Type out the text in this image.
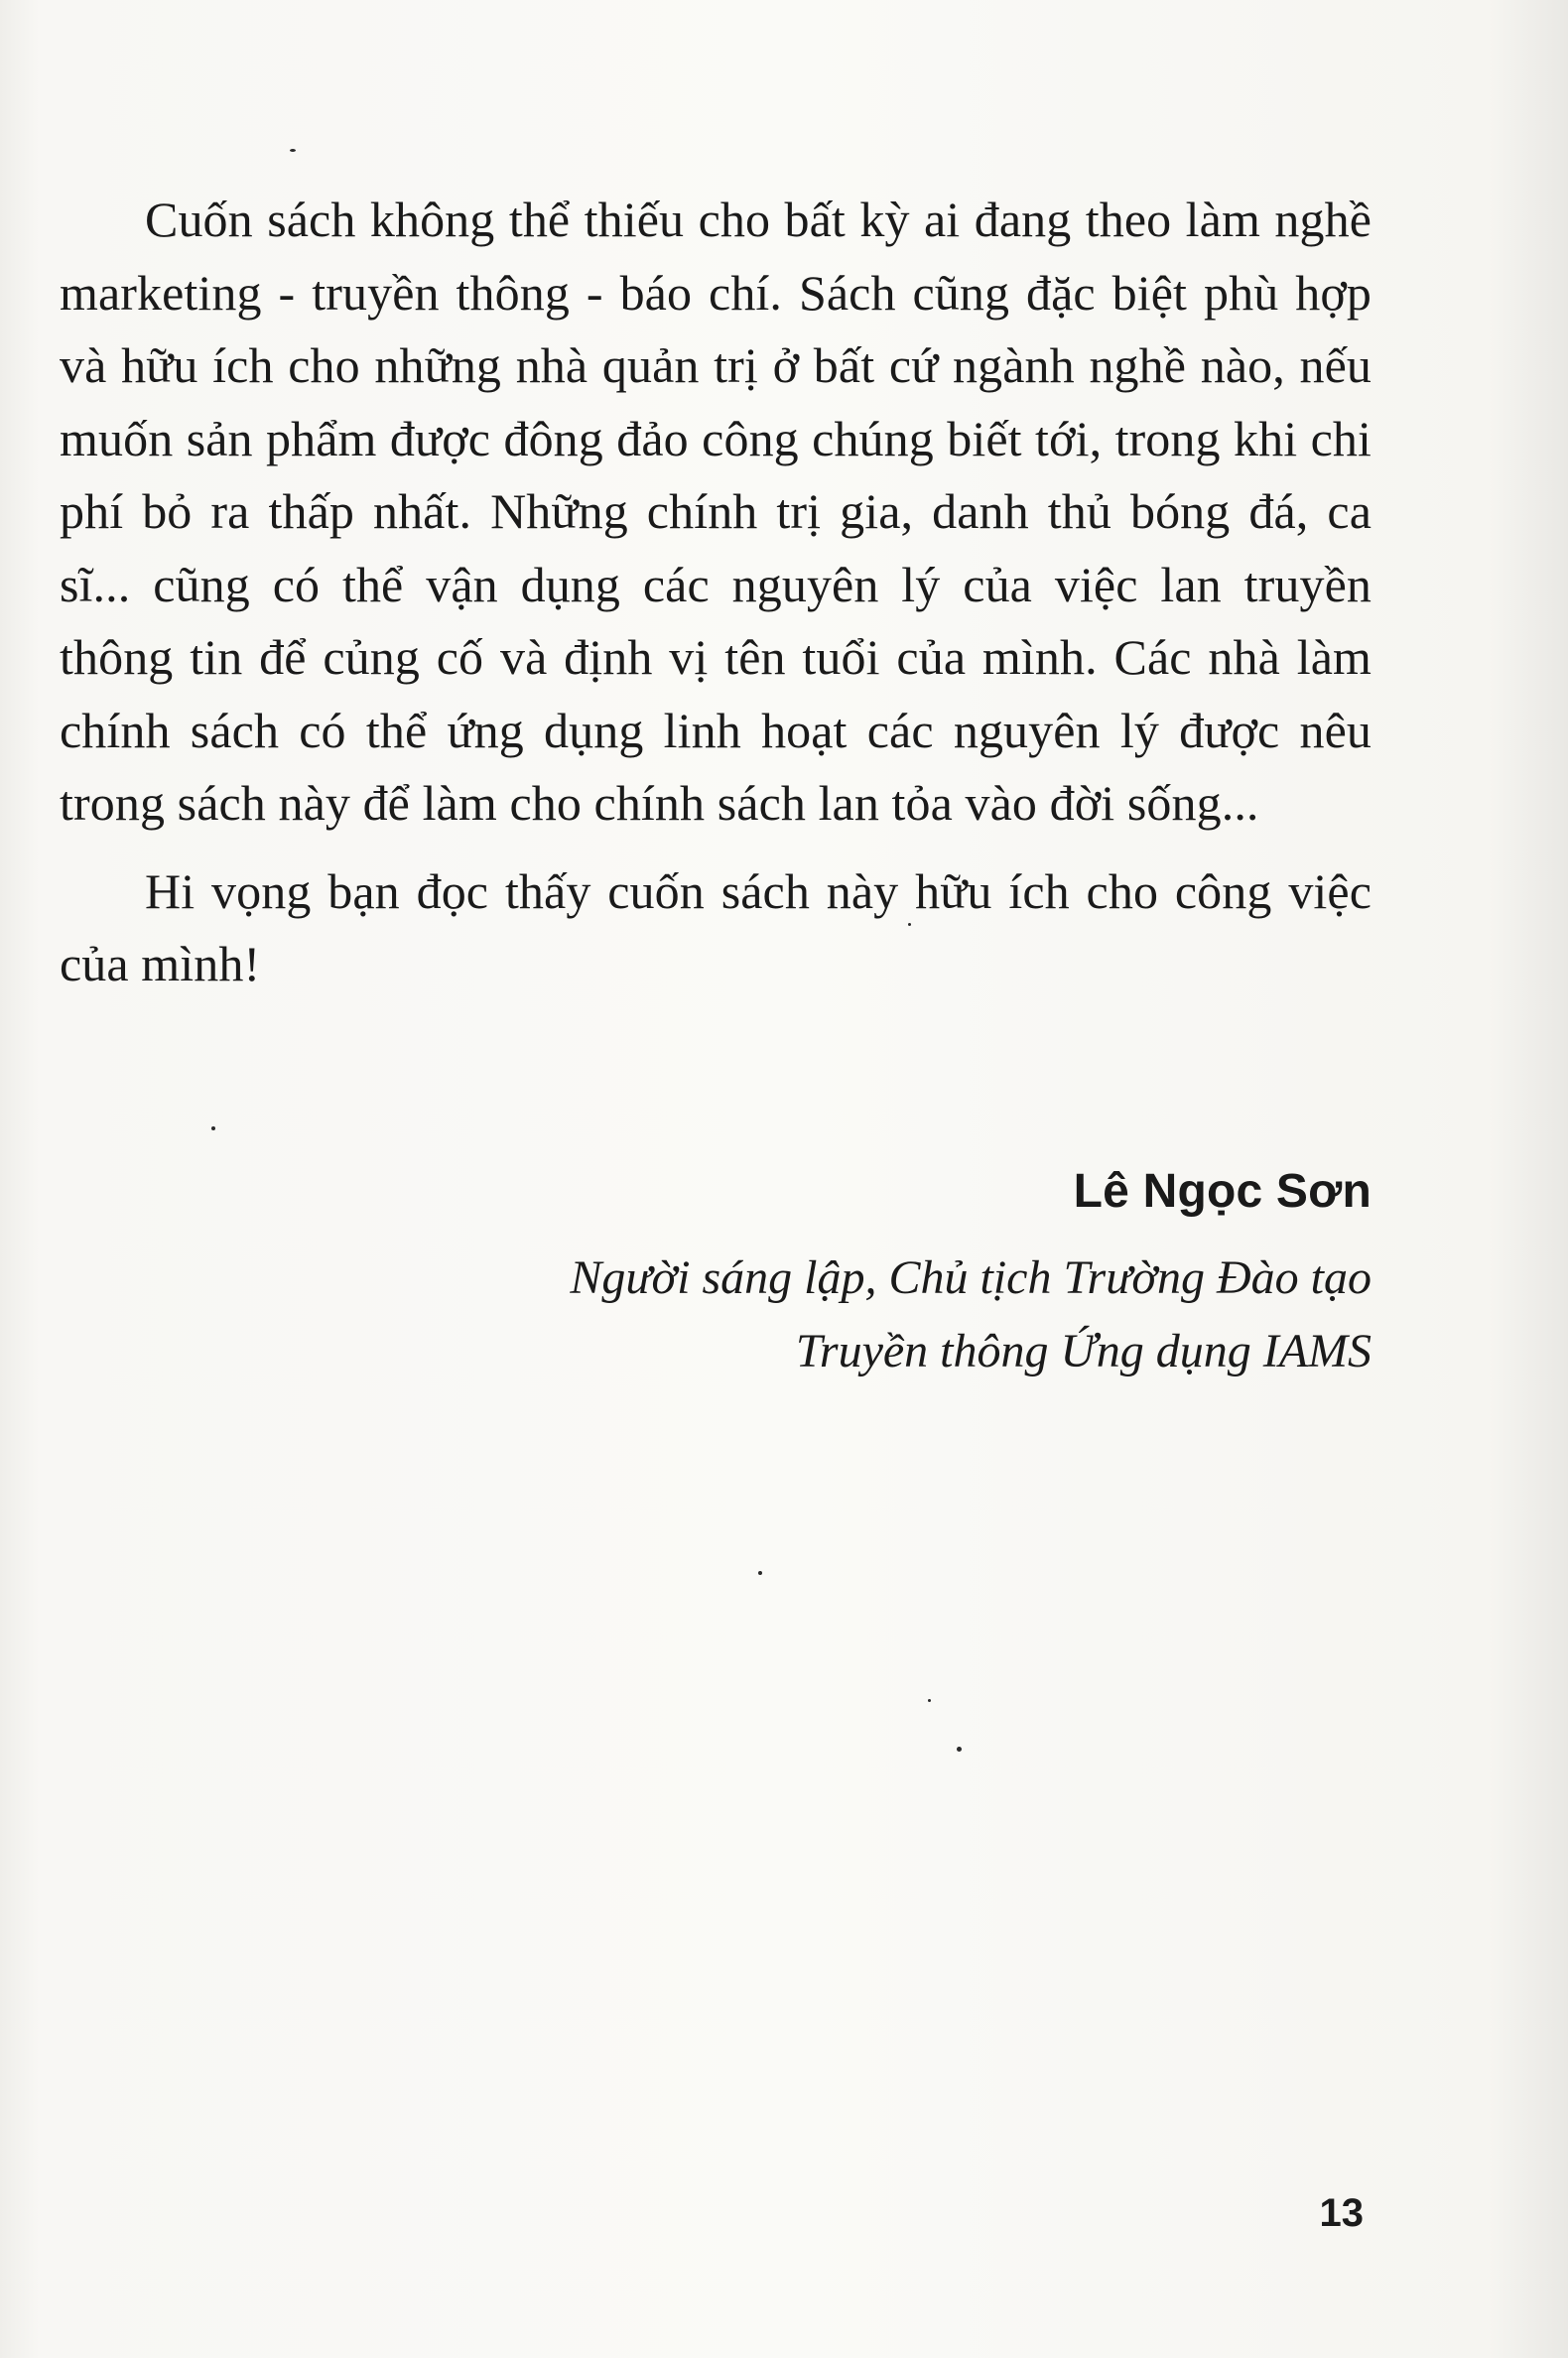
Cuốn sách không thể thiếu cho bất kỳ ai đang theo làm nghề marketing - truyền thông - báo chí. Sách cũng đặc biệt phù hợp và hữu ích cho những nhà quản trị ở bất cứ ngành nghề nào, nếu muốn sản phẩm được đông đảo công chúng biết tới, trong khi chi phí bỏ ra thấp nhất. Những chính trị gia, danh thủ bóng đá, ca sĩ... cũng có thể vận dụng các nguyên lý của việc lan truyền thông tin để củng cố và định vị tên tuổi của mình. Các nhà làm chính sách có thể ứng dụng linh hoạt các nguyên lý được nêu trong sách này để làm cho chính sách lan tỏa vào đời sống...

Hi vọng bạn đọc thấy cuốn sách này hữu ích cho công việc của mình!

Lê Ngọc Sơn
Người sáng lập, Chủ tịch Trường Đào tạo
Truyền thông Ứng dụng IAMS
13
